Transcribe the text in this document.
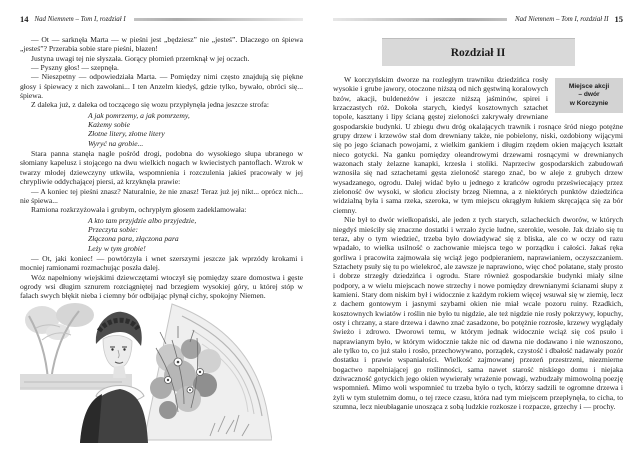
14 Nad Niemnem – Tom I, rozdział I

— Ot — sarknęła Marta — w pieśni jest „będziesz” nie „jesteś”. Dlaczego on śpiewa „jesteś”? Przerabia sobie stare pieśni, błazen!

Justyna uwagi tej nie słyszała. Gorący płomień przemknął w jej oczach.

— Pyszny głos! — szepnęła.

— Nieszpetny — odpowiedziała Marta. — Pomiędzy nimi często znajdują się piękne głosy i śpiewacy z nich zawołani... I ten Anzelm kiedyś, gdzie tylko, bywało, obróci się... śpiewa.

Z daleka już, z daleka od toczącego się wozu przypłynęła jedna jeszcze strofa:

A jak pomrzemy, a jak pomrzemy,
Każemy sobie
Złotne litery, złotne litery
Wyryć na grobie...

Stara panna stanęła nagle pośród drogi, podobna do wysokiego słupa ubranego w słomiany kapelusz i stojącego na dwu wielkich nogach w kwiecistych pantoflach. Wzrok w twarzy młodej dziewczyny utkwiła, wspomnienia i rozczulenia jakieś pracowały w jej chrypliwie oddychającej piersi, aż krzyknęła prawie:

— A koniec tej pieśni znasz? Naturalnie, że nie znasz! Teraz już jej nikt... oprócz nich... nie śpiewa...

Ramiona rozkrzyżowała i grubym, ochrypłym głosem zadeklamowała:

A kto tam przyjdzie albo przyjedzie,
Przeczyta sobie:
Złączona para, złączona para
Leży w tym grobie!

— Ot, jaki koniec! — powtórzyła i wnet szerszymi jeszcze jak wprzódy krokami i mocniej ramionami rozmachując poszła dalej.

Wóz napełniony wiejskimi dziewczętami wtoczył się pomiędzy szare domostwa i gęste ogrody wsi długim sznurem rozciągniętej nad brzegiem wysokiej góry, u której stóp w falach swych błękit nieba i ciemny bór odbijając płynął cichy, spokojny Niemen.

Nad Niemnem – Tom I, rozdział II 15
Rozdział II
Miejsce akcji
– dwór
w Korczynie

W korczyńskim dworze na rozległym trawniku dziedzińca rosły wysokie i grube jawory, otoczone niższą od nich gęstwiną koralowych bzów, akacji, buldeneżów i jeszcze niższą jaśminów, spirei i krzaczastych róż. Dokoła starych, kiedyś kosztownych sztachet topole, kasztany i lipy ścianą gęstej zieloności zakrywały drewniane gospodarskie budynki. U zbiegu dwu dróg okalających trawnik i rosnące śród niego potężne grupy drzew i krzewów stał dom drewniany także, nie pobielony, niski, ozdobiony wijącymi się po jego ścianach powojami, z wielkim gankiem i długim rzędem okien mających kształt nieco gotycki. Na ganku pomiędzy oleandrowymi drzewami rosnącymi w drewnianych wazonach stały żelazne kanapki, krzesła i stoliki. Naprzeciw gospodarskich zabudowań wznosiła się nad sztachetami gęsta zieloność starego znać, bo w aleje z grubych drzew wysadzanego, ogrodu. Dalej widać było u jednego z krańców ogrodu przeświecający przez zieloność ów wysoki, w słońcu złocisty brzeg Niemna, a z niektórych punktów dziedzińca widzialną była i sama rzeka, szeroka, w tym miejscu okrągłym łukiem skręcająca się za bór ciemny.

Nie był to dwór wielkopański, ale jeden z tych starych, szlacheckich dworów, w których niegdyś mieściły się znaczne dostatki i wrzało życie ludne, szerokie, wesołe. Jak działo się tu teraz, aby o tym wiedzieć, trzeba było dowiadywać się z bliska, ale co w oczy od razu wpadało, to wielka usilność o zachowanie miejsca tego w porządku i całości. Jakaś ręka gorliwa i pracowita zajmowała się wciąż jego podpieraniem, naprawianiem, oczyszczaniem. Sztachety psuły się tu po wielekroć, ale zawsze je naprawiono, więc choć połatane, stały prosto i dobrze strzegły dziedzińca i ogrodu. Stare również gospodarskie budynki miały silne podpory, a w wielu miejscach nowe strzechy i nowe pomiędzy drewnianymi ścianami słupy z kamieni. Stary dom niskim był i widocznie z każdym rokiem więcej wsuwał się w ziemię, lecz z dachem gontowym i jasnymi szybami okien nie miał wcale pozoru ruiny. Rzadkich, kosztownych kwiatów i roślin nie było tu nigdzie, ale też nigdzie nie rosły pokrzywy, łopuchy, osty i chrzany, a stare drzewa i dawno znać zasadzone, bo potężnie rozrosłe, krzewy wyglądały świeżo i zdrowo. Dworowi temu, w którym jednak widocznie wciąż się coś psuło i naprawianym było, w którym widocznie także nic od dawna nie dodawano i nie wznoszono, ale tylko to, co już stało i rosło, przechowywano, porządek, czystość i dbałość nadawały pozór dostatku i prawie wspaniałości. Wielkość zajmowanej przezeń przestrzeni, niezmierne bogactwo napełniającej go roślinności, sama nawet starość niskiego domu i niejaka dziwaczność gotyckich jego okien wywierały wrażenie powagi, wzbudzały mimowolną poezję wspomnień. Mimo woli wspomnieć tu trzeba było o tych, którzy sadzili te ogromne drzewa i żyli w tym stuletnim domu, o tej rzece czasu, która nad tym miejscem przepłynęła, to cicha, to szumna, lecz nieubłaganie unosząca z sobą ludzkie rozkosze i rozpacze, grzechy i — prochy.
